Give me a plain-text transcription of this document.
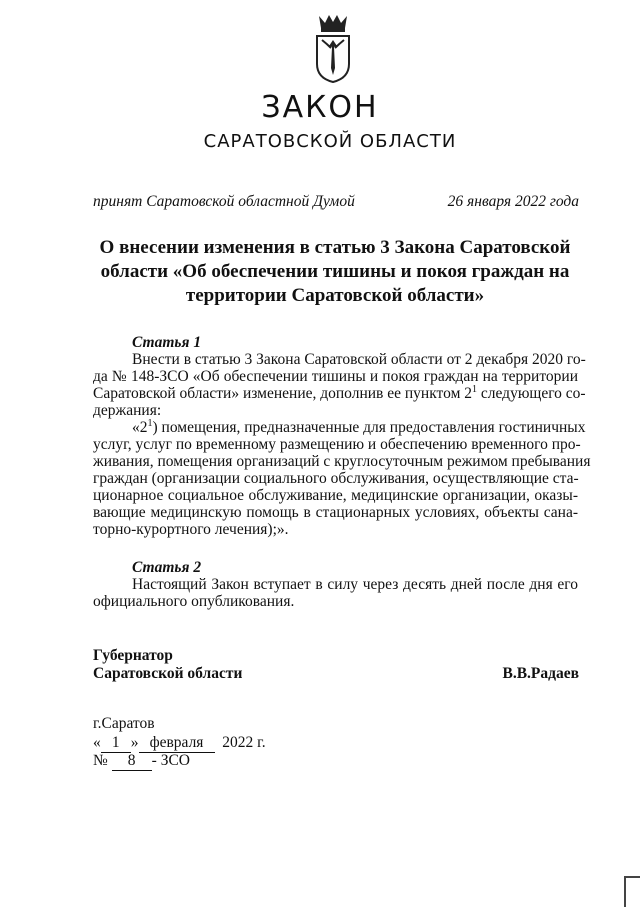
ЗАКОН
САРАТОВСКОЙ ОБЛАСТИ
принят Саратовской областной Думой	26 января 2022 года
О внесении изменения в статью 3 Закона Саратовской
области «Об обеспечении тишины и покоя граждан на
территории Саратовской области»
Статья 1
Внести в статью 3 Закона Саратовской области от 2 декабря 2020 го-
да № 148-ЗСО «Об обеспечении тишины и покоя граждан на территории
Саратовской области» изменение, дополнив ее пунктом $2^1$ следующего со-
держания:
«$2^1$) помещения, предназначенные для предоставления гостиничных
услуг, услуг по временному размещению и обеспечению временного про-
живания, помещения организаций с круглосуточным режимом пребывания
граждан (организации социального обслуживания, осуществляющие ста-
ционарное социальное обслуживание, медицинские организации, оказы-
вающие медицинскую помощь в стационарных условиях, объекты сана-
торно-курортного лечения);».
Статья 2
Настоящий Закон вступает в силу через десять дней после дня его
официального опубликования.
Губернатор
Саратовской области	В.В.Радаев
г.Саратов
« 1 » февраля 2022 г.
№ 8 - ЗСО
